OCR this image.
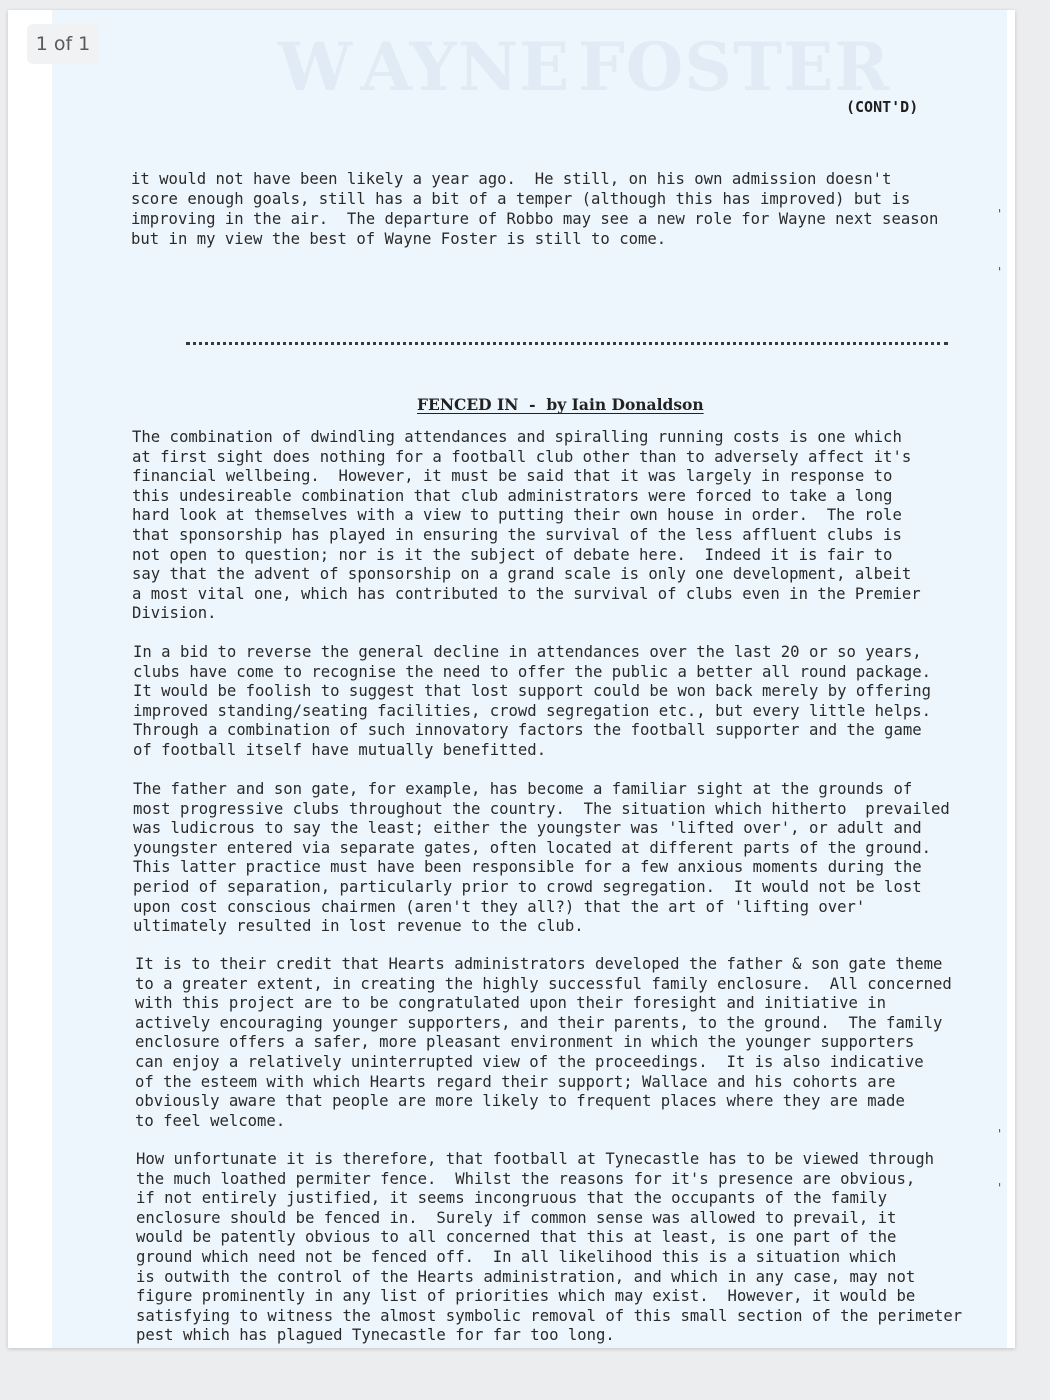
1 of 1	W AYNE FOSTER
(CONT'D)
it would not have been likely a year ago.  He still, on his own admission doesn't
score enough goals, still has a bit of a temper (although this has improved) but is
improving in the air.  The departure of Robbo may see a new role for Wayne next season
but in my view the best of Wayne Foster is still to come.
FENCED IN  -  by Iain Donaldson
The combination of dwindling attendances and spiralling running costs is one which
at first sight does nothing for a football club other than to adversely affect it's
financial wellbeing.  However, it must be said that it was largely in response to
this undesireable combination that club administrators were forced to take a long
hard look at themselves with a view to putting their own house in order.  The role
that sponsorship has played in ensuring the survival of the less affluent clubs is
not open to question; nor is it the subject of debate here.  Indeed it is fair to
say that the advent of sponsorship on a grand scale is only one development, albeit
a most vital one, which has contributed to the survival of clubs even in the Premier
Division.
In a bid to reverse the general decline in attendances over the last 20 or so years,
clubs have come to recognise the need to offer the public a better all round package.
It would be foolish to suggest that lost support could be won back merely by offering
improved standing/seating facilities, crowd segregation etc., but every little helps.
Through a combination of such innovatory factors the football supporter and the game
of football itself have mutually benefitted.
The father and son gate, for example, has become a familiar sight at the grounds of
most progressive clubs throughout the country.  The situation which hitherto  prevailed
was ludicrous to say the least; either the youngster was 'lifted over', or adult and
youngster entered via separate gates, often located at different parts of the ground.
This latter practice must have been responsible for a few anxious moments during the
period of separation, particularly prior to crowd segregation.  It would not be lost
upon cost conscious chairmen (aren't they all?) that the art of 'lifting over'
ultimately resulted in lost revenue to the club.
It is to their credit that Hearts administrators developed the father & son gate theme
to a greater extent, in creating the highly successful family enclosure.  All concerned
with this project are to be congratulated upon their foresight and initiative in
actively encouraging younger supporters, and their parents, to the ground.  The family
enclosure offers a safer, more pleasant environment in which the younger supporters
can enjoy a relatively uninterrupted view of the proceedings.  It is also indicative
of the esteem with which Hearts regard their support; Wallace and his cohorts are
obviously aware that people are more likely to frequent places where they are made
to feel welcome.
How unfortunate it is therefore, that football at Tynecastle has to be viewed through
the much loathed permiter fence.  Whilst the reasons for it's presence are obvious,
if not entirely justified, it seems incongruous that the occupants of the family
enclosure should be fenced in.  Surely if common sense was allowed to prevail, it
would be patently obvious to all concerned that this at least, is one part of the
ground which need not be fenced off.  In all likelihood this is a situation which
is outwith the control of the Hearts administration, and which in any case, may not
figure prominently in any list of priorities which may exist.  However, it would be
satisfying to witness the almost symbolic removal of this small section of the perimeter
pest which has plagued Tynecastle for far too long.
'
'
'
'
